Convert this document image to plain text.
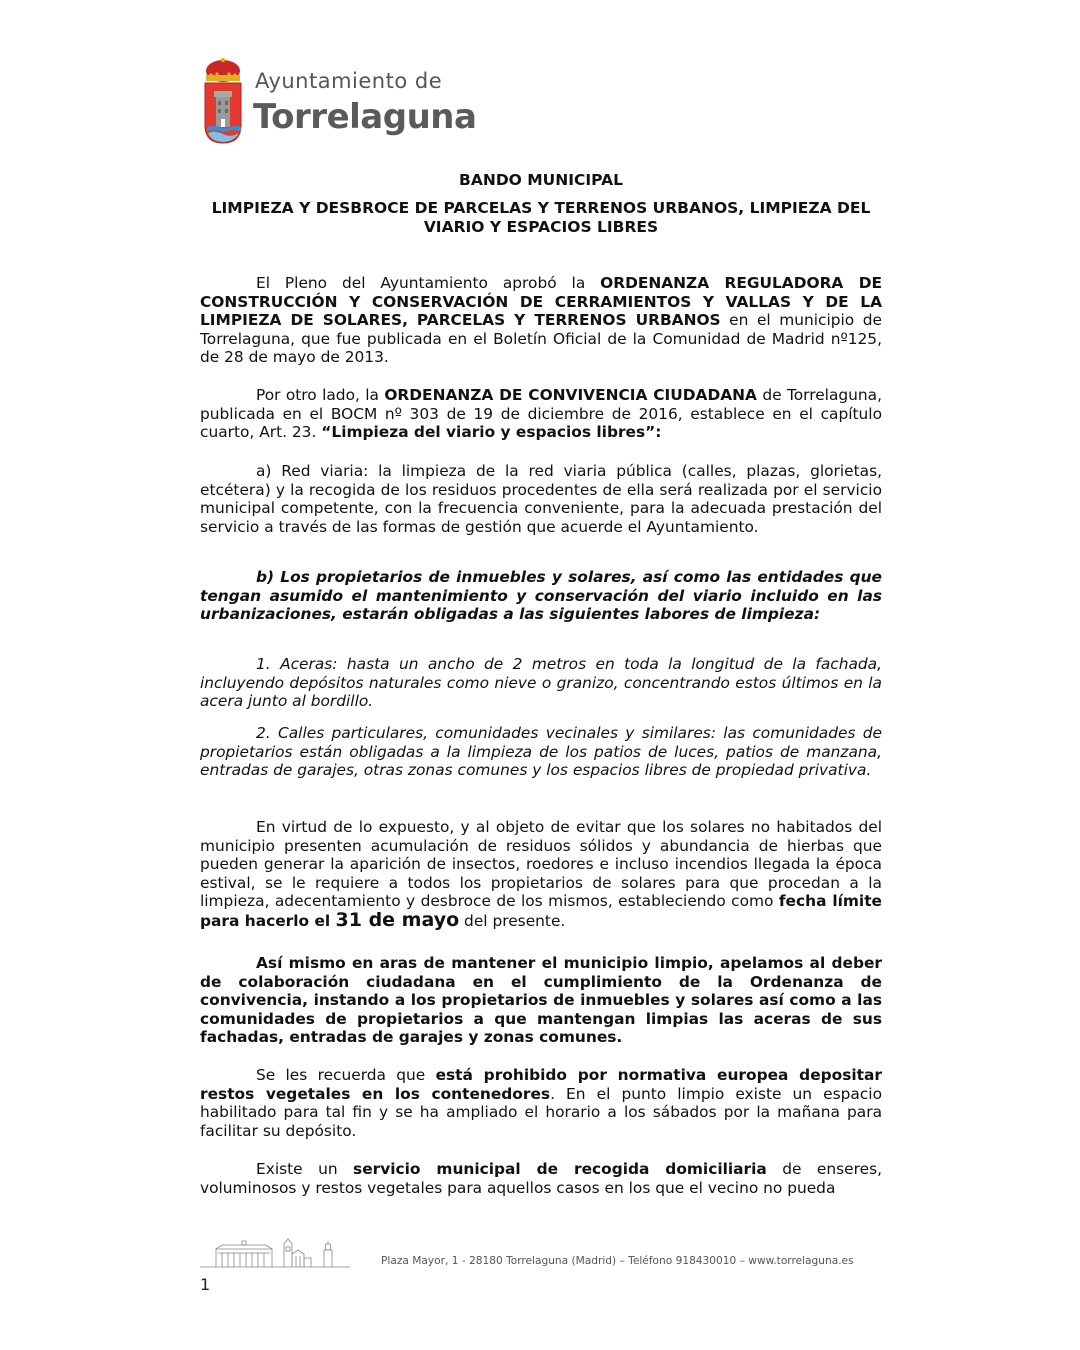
Ayuntamiento de
Torrelaguna
BANDO MUNICIPAL
LIMPIEZA Y DESBROCE DE PARCELAS Y TERRENOS URBANOS, LIMPIEZA DEL VIARIO Y ESPACIOS LIBRES

El Pleno del Ayuntamiento aprobó la ORDENANZA REGULADORA DE CONSTRUCCIÓN Y CONSERVACIÓN DE CERRAMIENTOS Y VALLAS Y DE LA LIMPIEZA DE SOLARES, PARCELAS Y TERRENOS URBANOS en el municipio de Torrelaguna, que fue publicada en el Boletín Oficial de la Comunidad de Madrid nº125, de 28 de mayo de 2013.

Por otro lado, la ORDENANZA DE CONVIVENCIA CIUDADANA de Torrelaguna, publicada en el BOCM nº 303 de 19 de diciembre de 2016, establece en el capítulo cuarto, Art. 23. “Limpieza del viario y espacios libres”:

a) Red viaria: la limpieza de la red viaria pública (calles, plazas, glorietas, etcétera) y la recogida de los residuos procedentes de ella será realizada por el servicio municipal competente, con la frecuencia conveniente, para la adecuada prestación del servicio a través de las formas de gestión que acuerde el Ayuntamiento.

b) Los propietarios de inmuebles y solares, así como las entidades que tengan asumido el mantenimiento y conservación del viario incluido en las urbanizaciones, estarán obligadas a las siguientes labores de limpieza:

1. Aceras: hasta un ancho de 2 metros en toda la longitud de la fachada, incluyendo depósitos naturales como nieve o granizo, concentrando estos últimos en la acera junto al bordillo.

2. Calles particulares, comunidades vecinales y similares: las comunidades de propietarios están obligadas a la limpieza de los patios de luces, patios de manzana, entradas de garajes, otras zonas comunes y los espacios libres de propiedad privativa.

En virtud de lo expuesto, y al objeto de evitar que los solares no habitados del municipio presenten acumulación de residuos sólidos y abundancia de hierbas que pueden generar la aparición de insectos, roedores e incluso incendios llegada la época estival, se le requiere a todos los propietarios de solares para que procedan a la limpieza, adecentamiento y desbroce de los mismos, estableciendo como fecha límite para hacerlo el 31 de mayo del presente.

Así mismo en aras de mantener el municipio limpio, apelamos al deber de colaboración ciudadana en el cumplimiento de la Ordenanza de convivencia, instando a los propietarios de inmuebles y solares así como a las comunidades de propietarios a que mantengan limpias las aceras de sus fachadas, entradas de garajes y zonas comunes.

Se les recuerda que está prohibido por normativa europea depositar restos vegetales en los contenedores. En el punto limpio existe un espacio habilitado para tal fin y se ha ampliado el horario a los sábados por la mañana para facilitar su depósito.

Existe un servicio municipal de recogida domiciliaria de enseres, voluminosos y restos vegetales para aquellos casos en los que el vecino no pueda

Plaza Mayor, 1 - 28180 Torrelaguna (Madrid) – Teléfono 918430010 – www.torrelaguna.es
1
